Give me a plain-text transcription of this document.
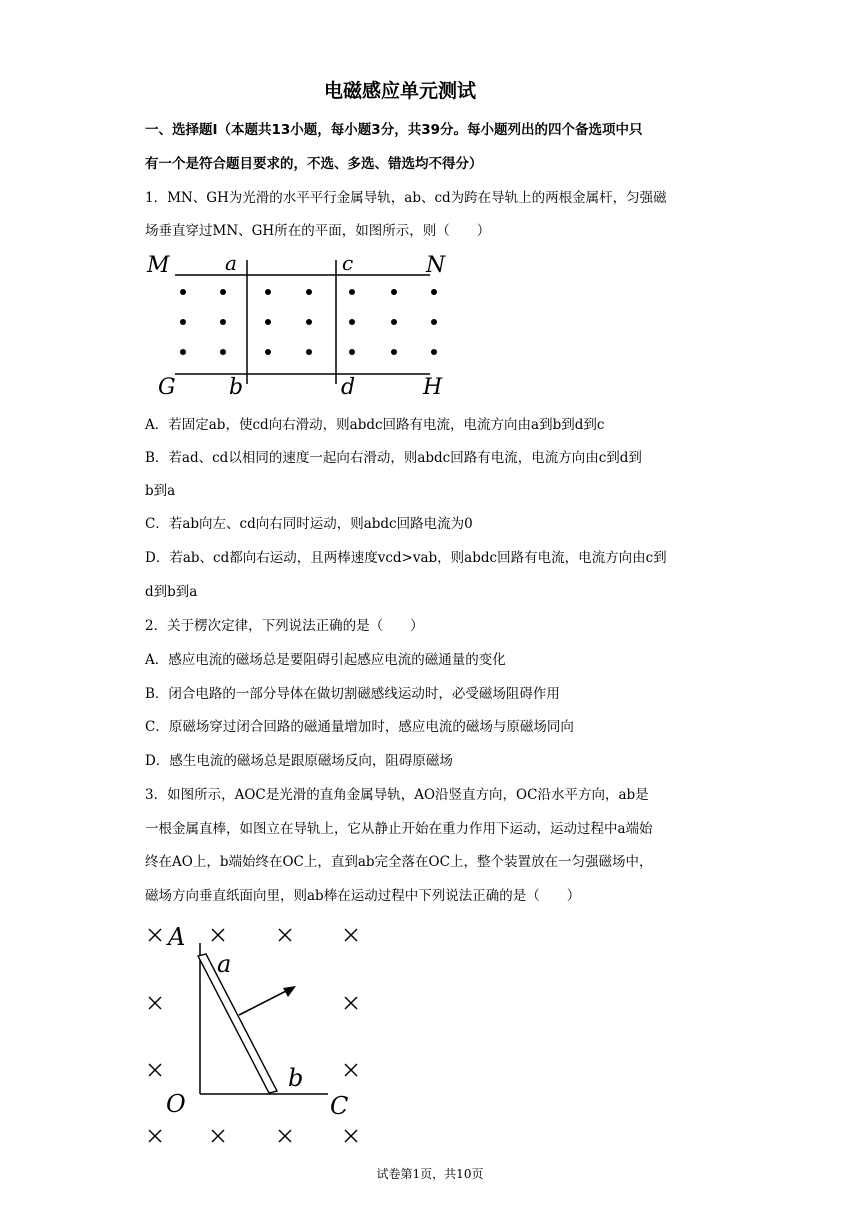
电磁感应单元测试
一、选择题Ⅰ（本题共13小题，每小题3分，共39分。每小题列出的四个备选项中只
有一个是符合题目要求的，不选、多选、错选均不得分）
1．MN、GH为光滑的水平平行金属导轨，ab、cd为跨在导轨上的两根金属杆，匀强磁
场垂直穿过MN、GH所在的平面，如图所示，则（　　）
M	a	c	N
G b	d	H
A．若固定ab，使cd向右滑动，则abdc回路有电流，电流方向由a到b到d到c
B．若ad、cd以相同的速度一起向右滑动，则abdc回路有电流，电流方向由c到d到
b到a
C．若ab向左、cd向右同时运动，则abdc回路电流为0
D．若ab、cd都向右运动，且两棒速度vcd>vab，则abdc回路有电流，电流方向由c到
d到b到a
2．关于楞次定律，下列说法正确的是（　　）
A．感应电流的磁场总是要阻碍引起感应电流的磁通量的变化
B．闭合电路的一部分导体在做切割磁感线运动时，必受磁场阻碍作用
C．原磁场穿过闭合回路的磁通量增加时，感应电流的磁场与原磁场同向
D．感生电流的磁场总是跟原磁场反向，阻碍原磁场
3．如图所示，AOC是光滑的直角金属导轨，AO沿竖直方向，OC沿水平方向，ab是
一根金属直棒，如图立在导轨上，它从静止开始在重力作用下运动，运动过程中a端始
终在AO上，b端始终在OC上，直到ab完全落在OC上，整个装置放在一匀强磁场中，
磁场方向垂直纸面向里，则ab棒在运动过程中下列说法正确的是（　　）
A
a
b
O	C
试卷第1页，共10页
